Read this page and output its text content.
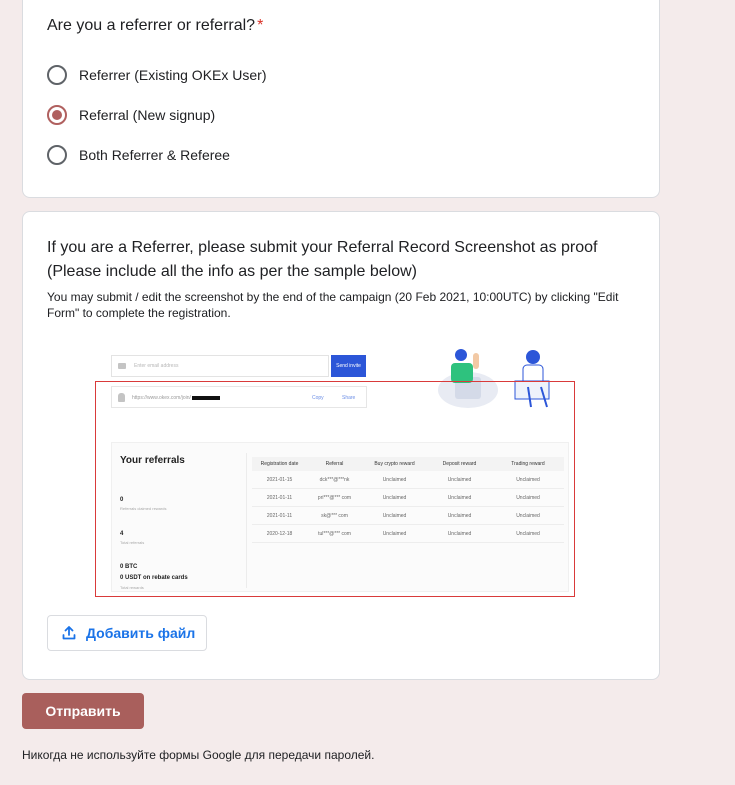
Are you a referrer or referral? *
Referrer (Existing OKEx User)
Referral (New signup)
Both Referrer & Referee
If you are a Referrer, please submit your Referral Record Screenshot as proof (Please include all the info as per the sample below)
You may submit / edit the screenshot by the end of the campaign (20 Feb 2021, 10:00UTC) by clicking "Edit Form" to complete the registration.
Enter email address	Send invite
https://www.okex.com/join/	Copy	Share
Your referrals
0
Referrals claimed rewards
4
Total referrals
0 BTC
0 USDT on rebate cards
Total rewards
Registration date	Referral	Buy crypto reward	Deposit reward	Trading reward
2021-01-15	dck***@***nk	Unclaimed	Unclaimed	Unclaimed
2021-01-11	pri***@*** com	Unclaimed	Unclaimed	Unclaimed
2021-01-11	sk@*** com	Unclaimed	Unclaimed	Unclaimed
2020-12-18	tul***@*** com	Unclaimed	Unclaimed	Unclaimed
Добавить файл
Отправить
Никогда не используйте формы Google для передачи паролей.
